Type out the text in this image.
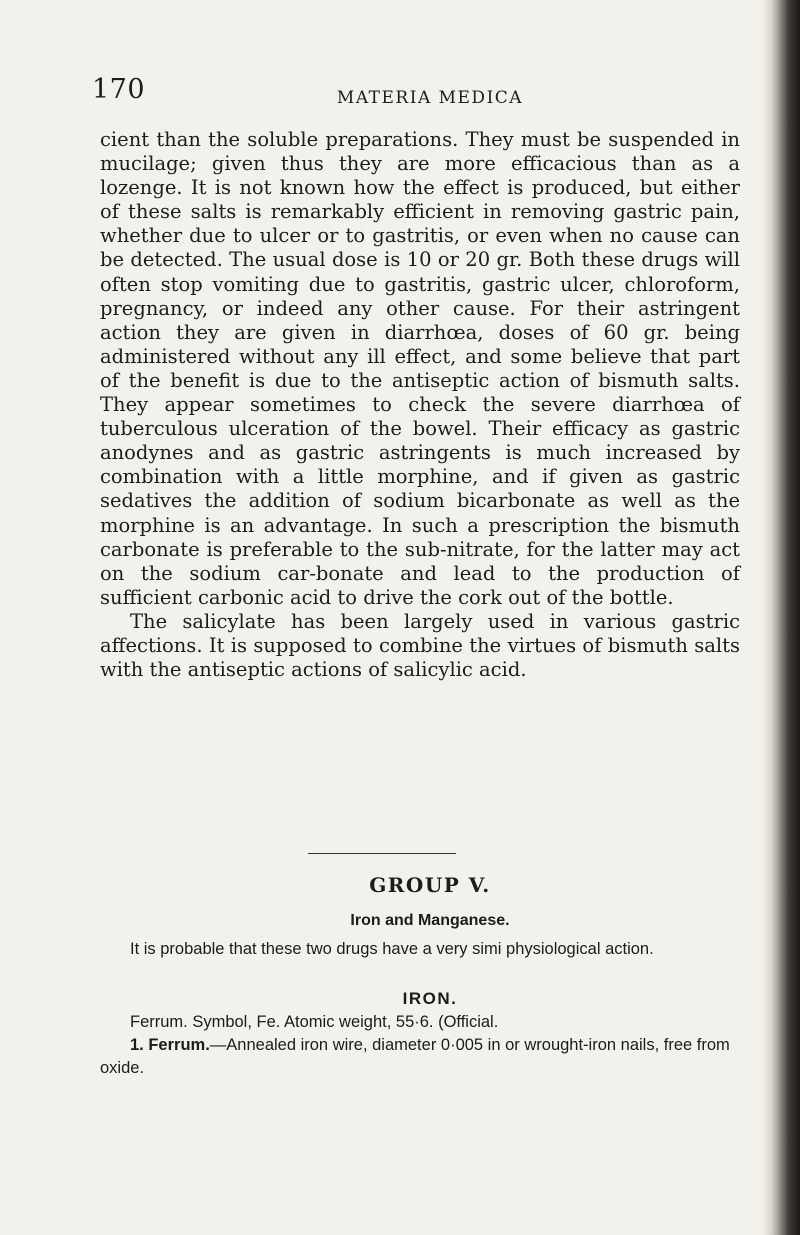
170	MATERIA MEDICA

cient than the soluble preparations. They must be suspended in mucilage; given thus they are more efficacious than as a lozenge. It is not known how the effect is produced, but either of these salts is remarkably efficient in removing gastric pain, whether due to ulcer or to gastritis, or even when no cause can be detected. The usual dose is 10 or 20 gr. Both these drugs will often stop vomiting due to gastritis, gastric ulcer, chloroform, pregnancy, or indeed any other cause. For their astringent action they are given in diarrhœa, doses of 60 gr. being administered without any ill effect, and some believe that part of the benefit is due to the antiseptic action of bismuth salts. They appear sometimes to check the severe diarrhœa of tuberculous ulceration of the bowel. Their efficacy as gastric anodynes and as gastric astringents is much increased by combination with a little morphine, and if given as gastric sedatives the addition of sodium bicarbonate as well as the morphine is an advantage. In such a prescription the bismuth carbonate is preferable to the sub-nitrate, for the latter may act on the sodium car-bonate and lead to the production of sufficient carbonic acid to drive the cork out of the bottle.

The salicylate has been largely used in various gastric affections. It is supposed to combine the virtues of bismuth salts with the antiseptic actions of salicylic acid.

GROUP V.
Iron and Manganese.

It is probable that these two drugs have a very simi physiological action.

IRON.

Ferrum. Symbol, Fe. Atomic weight, 55·6. (Official.

1. Ferrum.—Annealed iron wire, diameter 0·005 in or wrought-iron nails, free from oxide.
